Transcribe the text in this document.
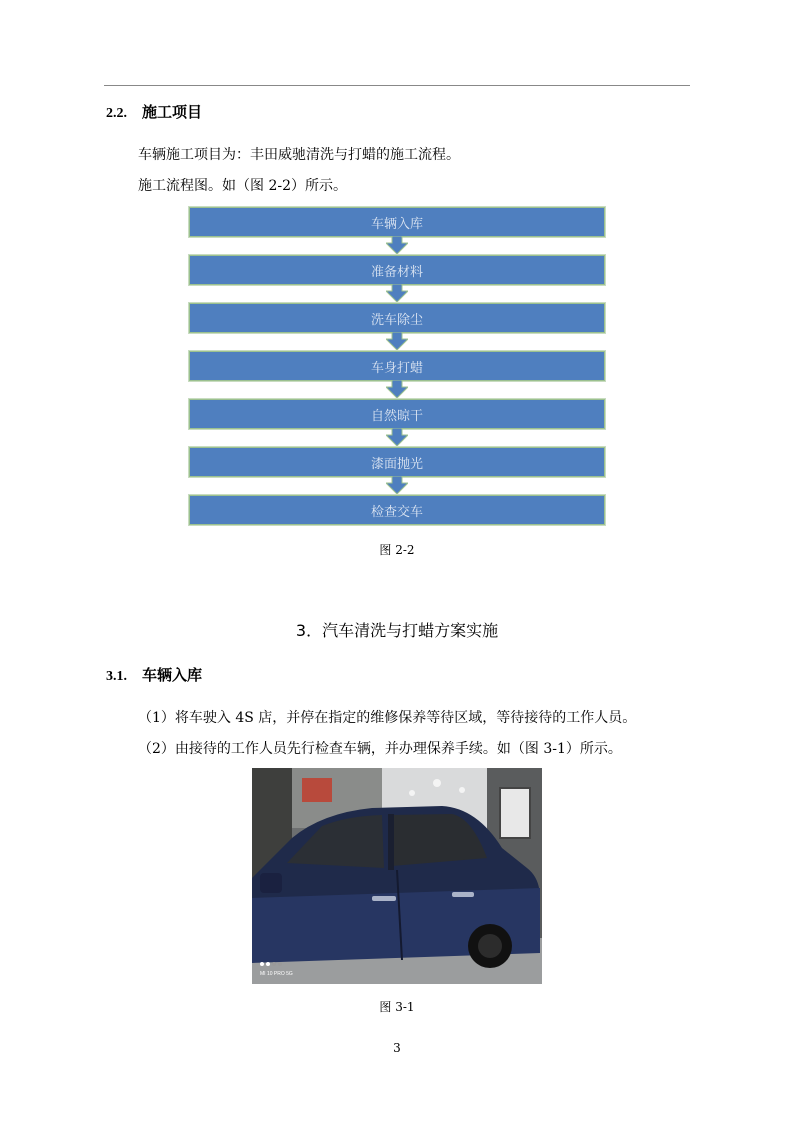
2.2. 施工项目
车辆施工项目为：丰田威驰清洗与打蜡的施工流程。
施工流程图。如（图 2-2）所示。
车辆入库
准备材料
洗车除尘
车身打蜡
自然晾干
漆面抛光
检查交车
图 2-2
3．汽车清洗与打蜡方案实施
3.1. 车辆入库
（1）将车驶入 4S 店，并停在指定的维修保养等待区域，等待接待的工作人员。
（2）由接待的工作人员先行检查车辆，并办理保养手续。如（图 3-1）所示。
MI 10 PRO 5G
图 3-1
3
